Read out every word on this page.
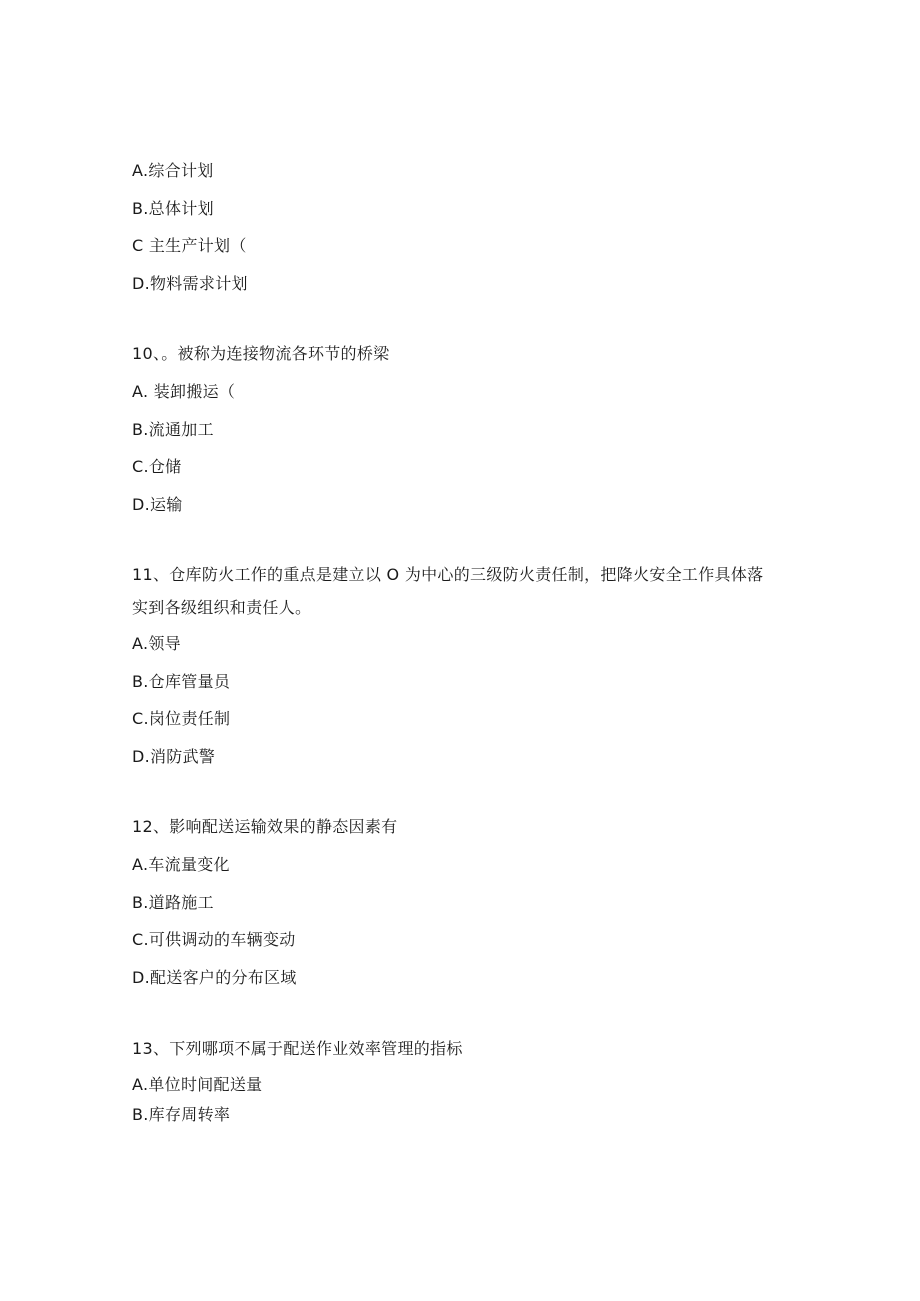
A.综合计划
B.总体计划
C 主生产计划（
D.物料需求计划
10、。被称为连接物流各环节的桥梁
A. 装卸搬运（
B.流通加工
C.仓储
D.运输
11、仓库防火工作的重点是建立以 O 为中心的三级防火责任制，把降火安全工作具体落
实到各级组织和责任人。
A.领导
B.仓库管量员
C.岗位责任制
D.消防武警
12、影响配送运输效果的静态因素有
A.车流量变化
B.道路施工
C.可供调动的车辆变动
D.配送客户的分布区域
13、下列哪项不属于配送作业效率管理的指标
A.单位时间配送量
B.库存周转率
